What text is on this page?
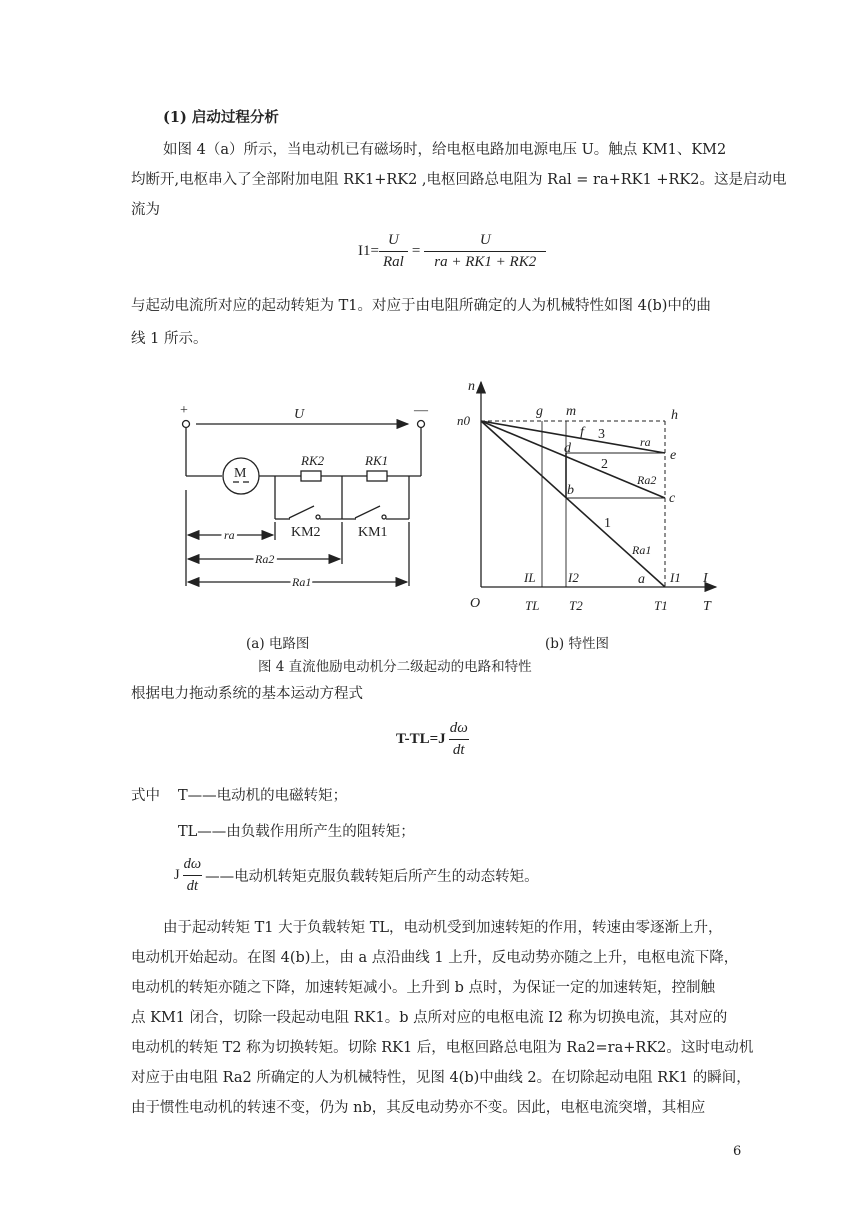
(1) 启动过程分析
如图 4（a）所示，当电动机已有磁场时，给电枢电路加电源电压 U。触点 KM1、KM2
均断开,电枢串入了全部附加电阻 RK1+RK2 ,电枢回路总电阻为 Ral = ra+RK1 +RK2。这是启动电
流为
$I1= \frac{U}{\text{Ral}} = \frac{U}{ra + RK1 + RK2}$
与起动电流所对应的起动转矩为 T1。对应于由电阻所确定的人为机械特性如图 4(b)中的曲
线 1 所示。
+	—
U
M
RK2	RK1
KM2	KM1
ra
Ra2
Ra1
n
n0
g m	h
f 3	ra
d	e
2
Ra2
b
c
1
Ra1
IL I2	a I1 I
O	TL T2	T1	T
(a) 电路图	(b) 特性图
图 4 直流他励电动机分二级起动的电路和特性
根据电力拖动系统的基本运动方程式
$T-TL=J \frac{d\omega}{dt}$
式中 T——电动机的电磁转矩；
TL——由负载作用所产生的阻转矩；
J $\frac{d\omega}{dt}$ ——电动机转矩克服负载转矩后所产生的动态转矩。
由于起动转矩 T1 大于负载转矩 TL，电动机受到加速转矩的作用，转速由零逐渐上升，
电动机开始起动。在图 4(b)上，由 a 点沿曲线 1 上升，反电动势亦随之上升，电枢电流下降，
电动机的转矩亦随之下降，加速转矩减小。上升到 b 点时，为保证一定的加速转矩，控制触
点 KM1 闭合，切除一段起动电阻 RK1。b 点所对应的电枢电流 I2 称为切换电流，其对应的
电动机的转矩 T2 称为切换转矩。切除 RK1 后，电枢回路总电阻为 Ra2=ra+RK2。这时电动机
对应于由电阻 Ra2 所确定的人为机械特性，见图 4(b)中曲线 2。在切除起动电阻 RK1 的瞬间，
由于惯性电动机的转速不变，仍为 nb，其反电动势亦不变。因此，电枢电流突增，其相应
6
